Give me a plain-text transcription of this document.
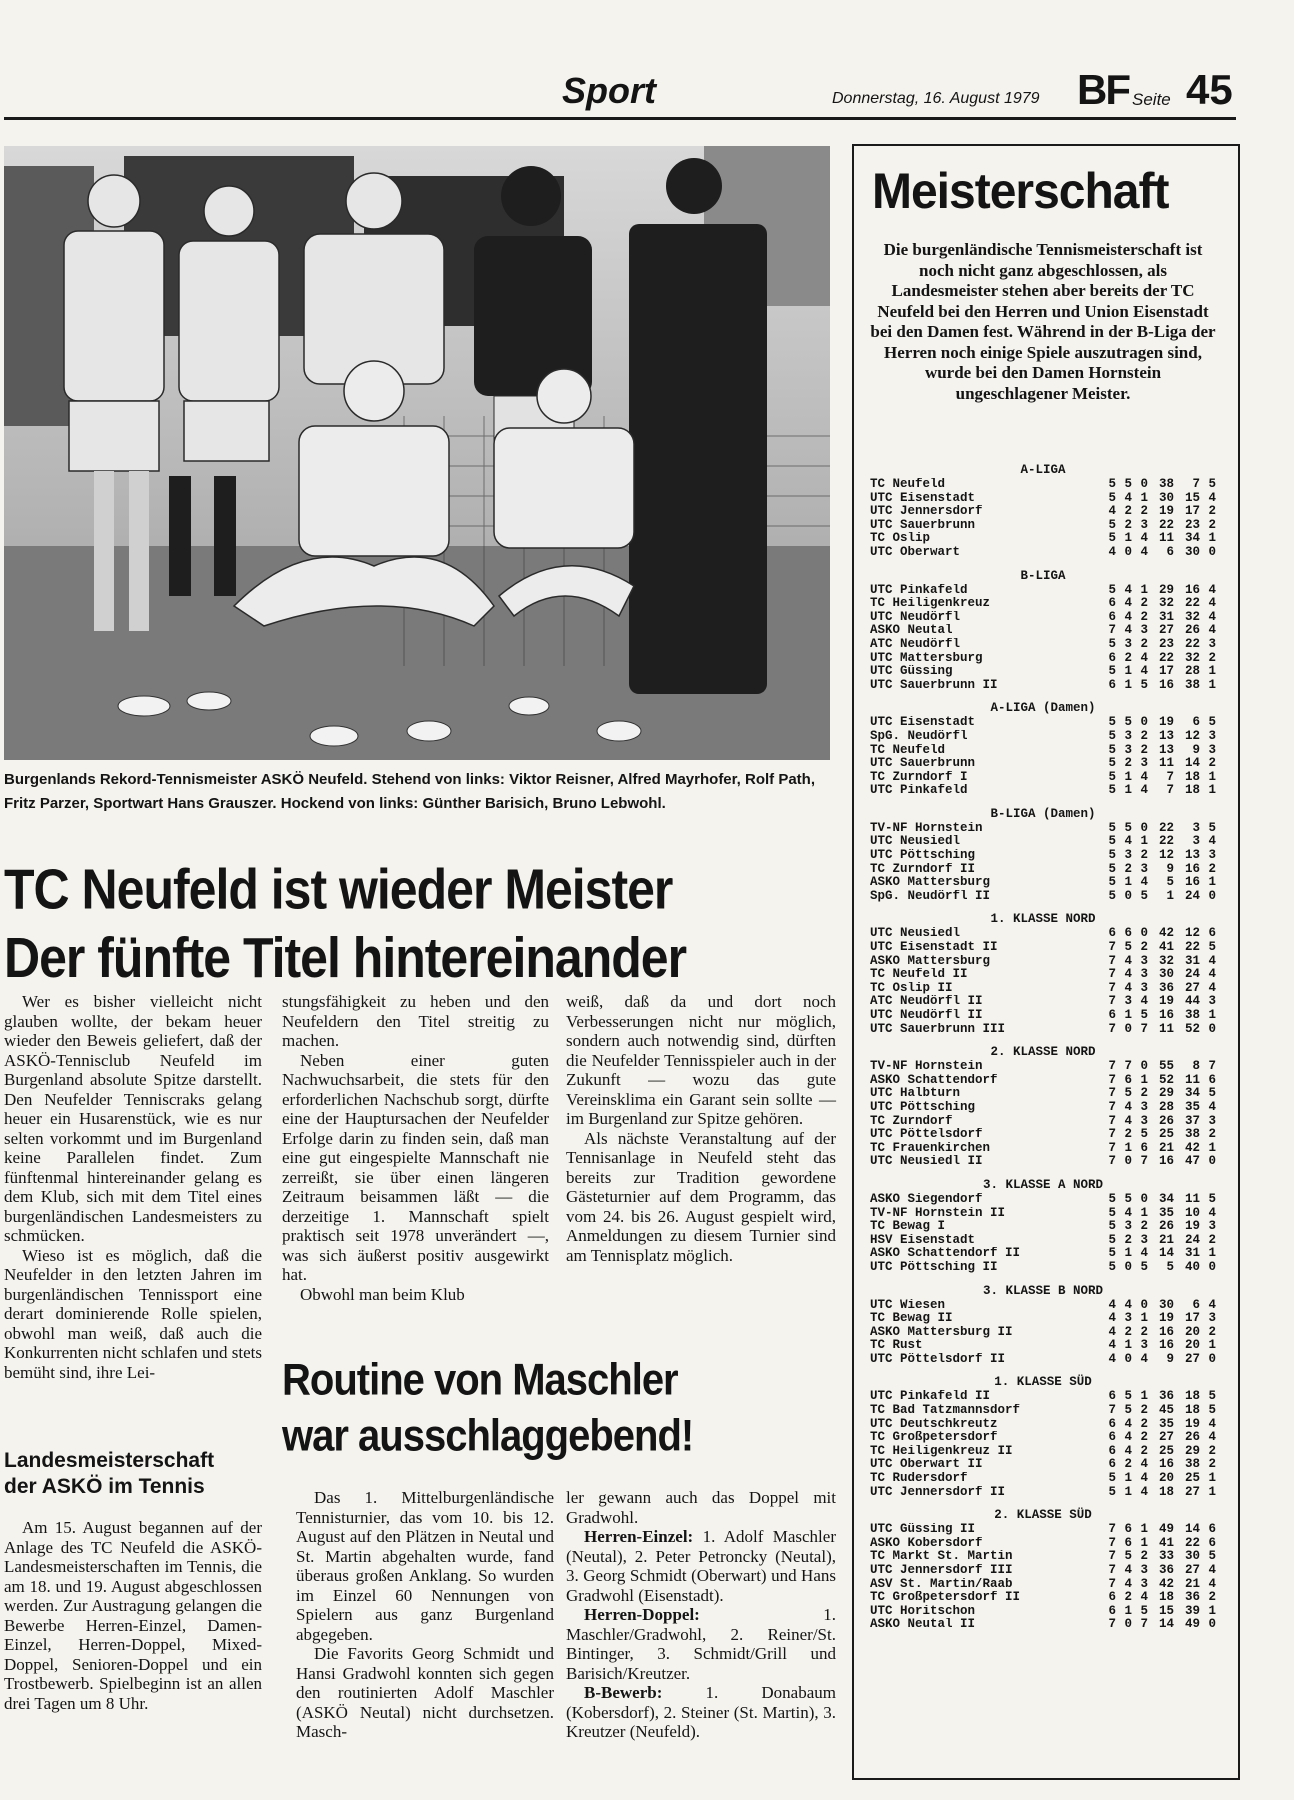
Sport	Donnerstag, 16. August 1979 BF Seite 45
Burgenlands Rekord-Tennismeister ASKÖ Neufeld. Stehend von links: Viktor Reisner, Alfred Mayrhofer, Rolf Path, Fritz Parzer, Sportwart Hans Grauszer. Hockend von links: Günther Barisich, Bruno Lebwohl.
TC Neufeld ist wieder Meister
Der fünfte Titel hintereinander

Wer es bisher vielleicht nicht glauben wollte, der bekam heuer wieder den Beweis geliefert, daß der ASKÖ-Tennisclub Neufeld im Burgenland absolute Spitze darstellt. Den Neufelder Tenniscraks gelang heuer ein Husarenstück, wie es nur selten vorkommt und im Burgenland keine Parallelen findet. Zum fünftenmal hintereinander gelang es dem Klub, sich mit dem Titel eines burgenländischen Landesmeisters zu schmücken.

Wieso ist es möglich, daß die Neufelder in den letzten Jahren im burgenländischen Tennissport eine derart dominierende Rolle spielen, obwohl man weiß, daß auch die Konkurrenten nicht schlafen und stets bemüht sind, ihre Lei-

stungsfähigkeit zu heben und den Neufeldern den Titel streitig zu machen.

Neben einer guten Nachwuchsarbeit, die stets für den erforderlichen Nachschub sorgt, dürfte eine der Hauptursachen der Neufelder Erfolge darin zu finden sein, daß man eine gut eingespielte Mannschaft nie zerreißt, sie über einen längeren Zeitraum beisammen läßt — die derzeitige 1. Mannschaft spielt praktisch seit 1978 unverändert —, was sich äußerst positiv ausgewirkt hat.

Obwohl man beim Klub

weiß, daß da und dort noch Verbesserungen nicht nur möglich, sondern auch notwendig sind, dürften die Neufelder Tennisspieler auch in der Zukunft — wozu das gute Vereinsklima ein Garant sein sollte — im Burgenland zur Spitze gehören.

Als nächste Veranstaltung auf der Tennisanlage in Neufeld steht das bereits zur Tradition gewordene Gästeturnier auf dem Programm, das vom 24. bis 26. August gespielt wird, Anmeldungen zu diesem Turnier sind am Tennisplatz möglich.

Landesmeisterschaft
der ASKÖ im Tennis

Am 15. August begannen auf der Anlage des TC Neufeld die ASKÖ-Landesmeisterschaften im Tennis, die am 18. und 19. August abgeschlossen werden. Zur Austragung gelangen die Bewerbe Herren-Einzel, Damen-Einzel, Herren-Doppel, Mixed-Doppel, Senioren-Doppel und ein Trostbewerb. Spielbeginn ist an allen drei Tagen um 8 Uhr.

Routine von Maschler
war ausschlaggebend!

Das 1. Mittelburgenländische Tennisturnier, das vom 10. bis 12. August auf den Plätzen in Neutal und St. Martin abgehalten wurde, fand überaus großen Anklang. So wurden im Einzel 60 Nennungen von Spielern aus ganz Burgenland abgegeben.

Die Favorits Georg Schmidt und Hansi Gradwohl konnten sich gegen den routinierten Adolf Maschler (ASKÖ Neutal) nicht durchsetzen. Masch-

ler gewann auch das Doppel mit Gradwohl.

Herren-Einzel: 1. Adolf Maschler (Neutal), 2. Peter Petroncky (Neutal), 3. Georg Schmidt (Oberwart) und Hans Gradwohl (Eisenstadt).

Herren-Doppel: 1. Maschler/Gradwohl, 2. Reiner/St. Bintinger, 3. Schmidt/Grill und Barisich/Kreutzer.

B-Bewerb: 1. Donabaum (Kobersdorf), 2. Steiner (St. Martin), 3. Kreutzer (Neufeld).

Meisterschaft
Die burgenländische Tennismeisterschaft ist noch nicht ganz abgeschlossen, als Landesmeister stehen aber bereits der TC Neufeld bei den Herren und Union Eisenstadt bei den Damen fest. Während in der B-Liga der Herren noch einige Spiele auszutragen sind, wurde bei den Damen Hornstein ungeschlagener Meister.
A-LIGA
TC Neufeld	5 5 0 38	7 5
UTC Eisenstadt	5 4 1 30 15 4
UTC Jennersdorf	4 2 2 19 17 2
UTC Sauerbrunn	5 2 3 22 23 2
TC Oslip	5 1 4 11 34 1
UTC Oberwart	4 0 4	6 30 0
B-LIGA
UTC Pinkafeld	5 4 1 29 16 4
TC Heiligenkreuz	6 4 2 32 22 4
UTC Neudörfl	6 4 2 31 32 4
ASKÖ Neutal	7 4 3 27 26 4
ATC Neudörfl	5 3 2 23 22 3
UTC Mattersburg	6 2 4 22 32 2
UTC Güssing	5 1 4 17 28 1
UTC Sauerbrunn II	6 1 5 16 38 1
A-LIGA (Damen)
UTC Eisenstadt	5 5 0 19	6 5
SpG. Neudörfl	5 3 2 13 12 3
TC Neufeld	5 3 2 13	9 3
UTC Sauerbrunn	5 2 3 11 14 2
TC Zurndorf I	5 1 4	7 18 1
UTC Pinkafeld	5 1 4	7 18 1
B-LIGA (Damen)
TV-NF Hornstein	5 5 0 22	3 5
UTC Neusiedl	5 4 1 22	3 4
UTC Pöttsching	5 3 2 12 13 3
TC Zurndorf II	5 2 3	9 16 2
ASKÖ Mattersburg	5 1 4	5 16 1
SpG. Neudörfl II	5 0 5	1 24 0
1. KLASSE NORD
UTC Neusiedl	6 6 0 42 12 6
UTC Eisenstadt II	7 5 2 41 22 5
ASKÖ Mattersburg	7 4 3 32 31 4
TC Neufeld II	7 4 3 30 24 4
TC Oslip II	7 4 3 36 27 4
ATC Neudörfl II	7 3 4 19 44 3
UTC Neudörfl II	6 1 5 16 38 1
UTC Sauerbrunn III	7 0 7 11 52 0
2. KLASSE NORD
TV-NF Hornstein	7 7 0 55	8 7
ASKÖ Schattendorf	7 6 1 52 11 6
UTC Halbturn	7 5 2 29 34 5
UTC Pöttsching	7 4 3 28 35 4
TC Zurndorf	7 4 3 26 37 3
UTC Pöttelsdorf	7 2 5 25 38 2
TC Frauenkirchen	7 1 6 21 42 1
UTC Neusiedl II	7 0 7 16 47 0
3. KLASSE A NORD
ASKÖ Siegendorf	5 5 0 34 11 5
TV-NF Hornstein II	5 4 1 35 10 4
TC Bewag I	5 3 2 26 19 3
HSV Eisenstadt	5 2 3 21 24 2
ASKÖ Schattendorf II	5 1 4 14 31 1
UTC Pöttsching II	5 0 5	5 40 0
3. KLASSE B NORD
UTC Wiesen	4 4 0 30	6 4
TC Bewag II	4 3 1 19 17 3
ASKÖ Mattersburg II	4 2 2 16 20 2
TC Rust	4 1 3 16 20 1
UTC Pöttelsdorf II	4 0 4	9 27 0
1. KLASSE SÜD
UTC Pinkafeld II	6 5 1 36 18 5
TC Bad Tatzmannsdorf	7 5 2 45 18 5
UTC Deutschkreutz	6 4 2 35 19 4
TC Großpetersdorf	6 4 2 27 26 4
TC Heiligenkreuz II	6 4 2 25 29 2
UTC Oberwart II	6 2 4 16 38 2
TC Rudersdorf	5 1 4 20 25 1
UTC Jennersdorf II	5 1 4 18 27 1
2. KLASSE SÜD
UTC Güssing II	7 6 1 49 14 6
ASKÖ Kobersdorf	7 6 1 41 22 6
TC Markt St. Martin	7 5 2 33 30 5
UTC Jennersdorf III	7 4 3 36 27 4
ASV St. Martin/Raab	7 4 3 42 21 4
TC Großpetersdorf II	6 2 4 18 36 2
UTC Horitschon	6 1 5 15 39 1
ASKÖ Neutal II	7 0 7 14 49 0
